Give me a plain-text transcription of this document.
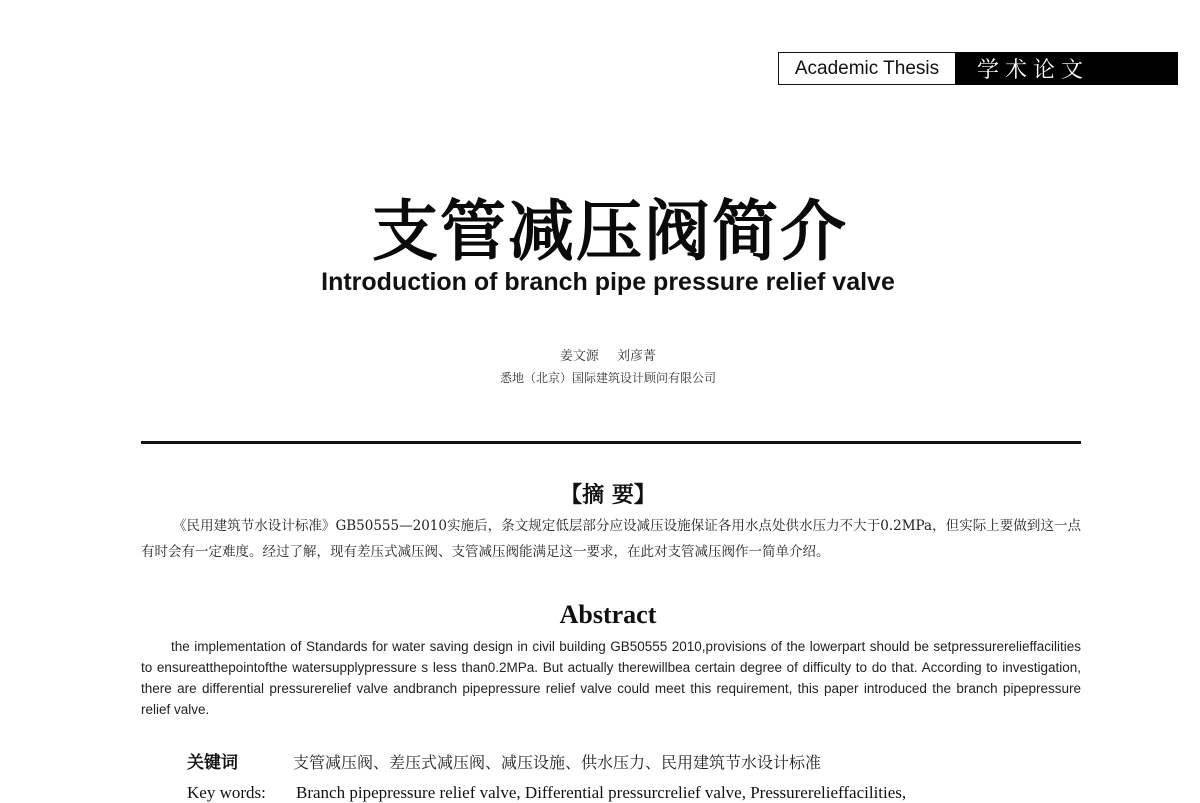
Academic Thesis	学术论文
支管减压阀简介
Introduction of branch pipe pressure relief valve
姜文源 刘彦菁
悉地（北京）国际建筑设计顾问有限公司
【摘 要】

《民用建筑节水设计标准》GB50555—2010实施后，条文规定低层部分应设减压设施保证各用水点处供水压力不大于0.2MPa，但实际上要做到这一点有时会有一定难度。经过了解，现有差压式减压阀、支管减压阀能满足这一要求，在此对支管减压阀作一简单介绍。

Abstract

the implementation of Standards for water saving design in civil building GB50555 2010,provisions of the lowerpart should be setpressurerelieffacilities to ensureatthepointofthe watersupplypressure s less than0.2MPa. But actually therewillbea certain degree of difficulty to do that. According to investigation, there are differential pressurerelief valve andbranch pipepressure relief valve could meet this requirement, this paper introduced the branch pipepressure relief valve.

关键词	支管减压阀、差压式减压阀、减压设施、供水压力、民用建筑节水设计标准
Key words:	Branch pipepressure relief valve, Differential pressurcrelief valve, Pressurerelieffacilities,
